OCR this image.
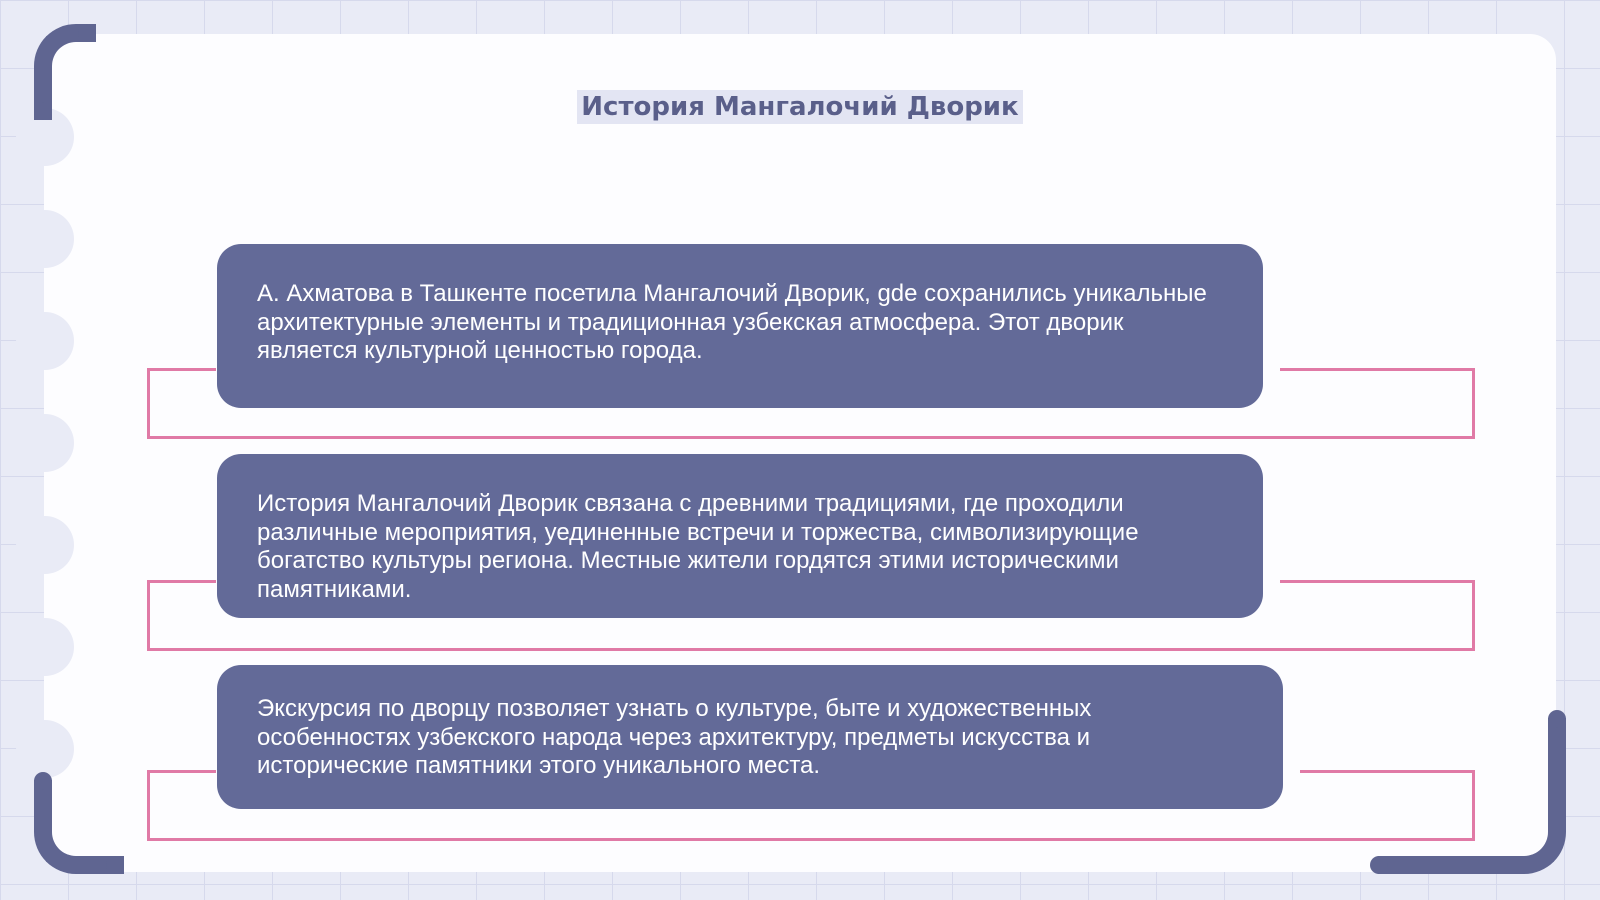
История Мангалочий Дворик

А. Ахматова в Ташкенте посетила Мангалочий Дворик, gde сохранились уникальные архитектурные элементы и традиционная узбекская атмосфера. Этот дворик является культурной ценностью города.

История Мангалочий Дворик связана с древними традициями, где проходили различные мероприятия, уединенные встречи и торжества, символизирующие богатство культуры региона. Местные жители гордятся этими историческими памятниками.

Экскурсия по дворцу позволяет узнать о культуре, быте и художественных особенностях узбекского народа через архитектуру, предметы искусства и исторические памятники этого уникального места.
